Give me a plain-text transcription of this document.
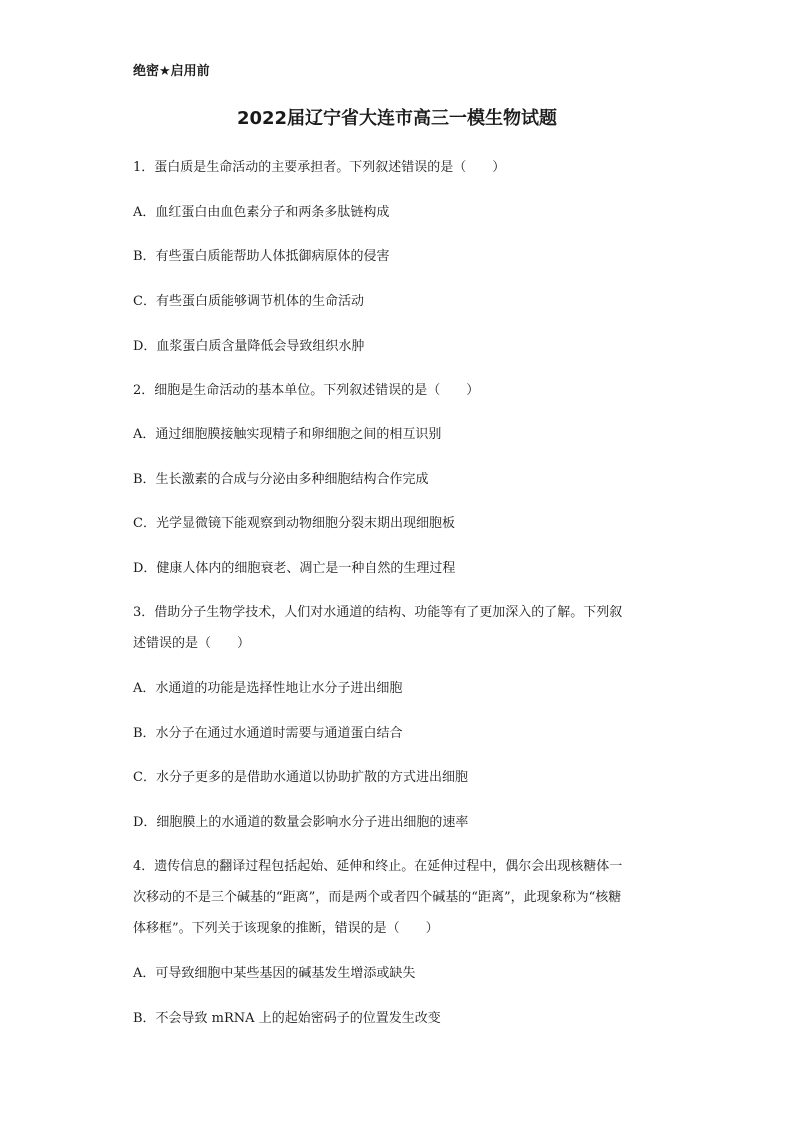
绝密★启用前
2022届辽宁省大连市高三一模生物试题
1．蛋白质是生命活动的主要承担者。下列叙述错误的是（　　）
A．血红蛋白由血色素分子和两条多肽链构成
B．有些蛋白质能帮助人体抵御病原体的侵害
C．有些蛋白质能够调节机体的生命活动
D．血浆蛋白质含量降低会导致组织水肿
2．细胞是生命活动的基本单位。下列叙述错误的是（　　）
A．通过细胞膜接触实现精子和卵细胞之间的相互识别
B．生长激素的合成与分泌由多种细胞结构合作完成
C．光学显微镜下能观察到动物细胞分裂末期出现细胞板
D．健康人体内的细胞衰老、凋亡是一种自然的生理过程
3．借助分子生物学技术，人们对水通道的结构、功能等有了更加深入的了解。下列叙
述错误的是（　　）
A．水通道的功能是选择性地让水分子进出细胞
B．水分子在通过水通道时需要与通道蛋白结合
C．水分子更多的是借助水通道以协助扩散的方式进出细胞
D．细胞膜上的水通道的数量会影响水分子进出细胞的速率
4．遗传信息的翻译过程包括起始、延伸和终止。在延伸过程中，偶尔会出现核糖体一
次移动的不是三个碱基的“距离”，而是两个或者四个碱基的“距离”，此现象称为“核糖
体移框”。下列关于该现象的推断，错误的是（　　）
A．可导致细胞中某些基因的碱基发生增添或缺失
B．不会导致 mRNA 上的起始密码子的位置发生改变
